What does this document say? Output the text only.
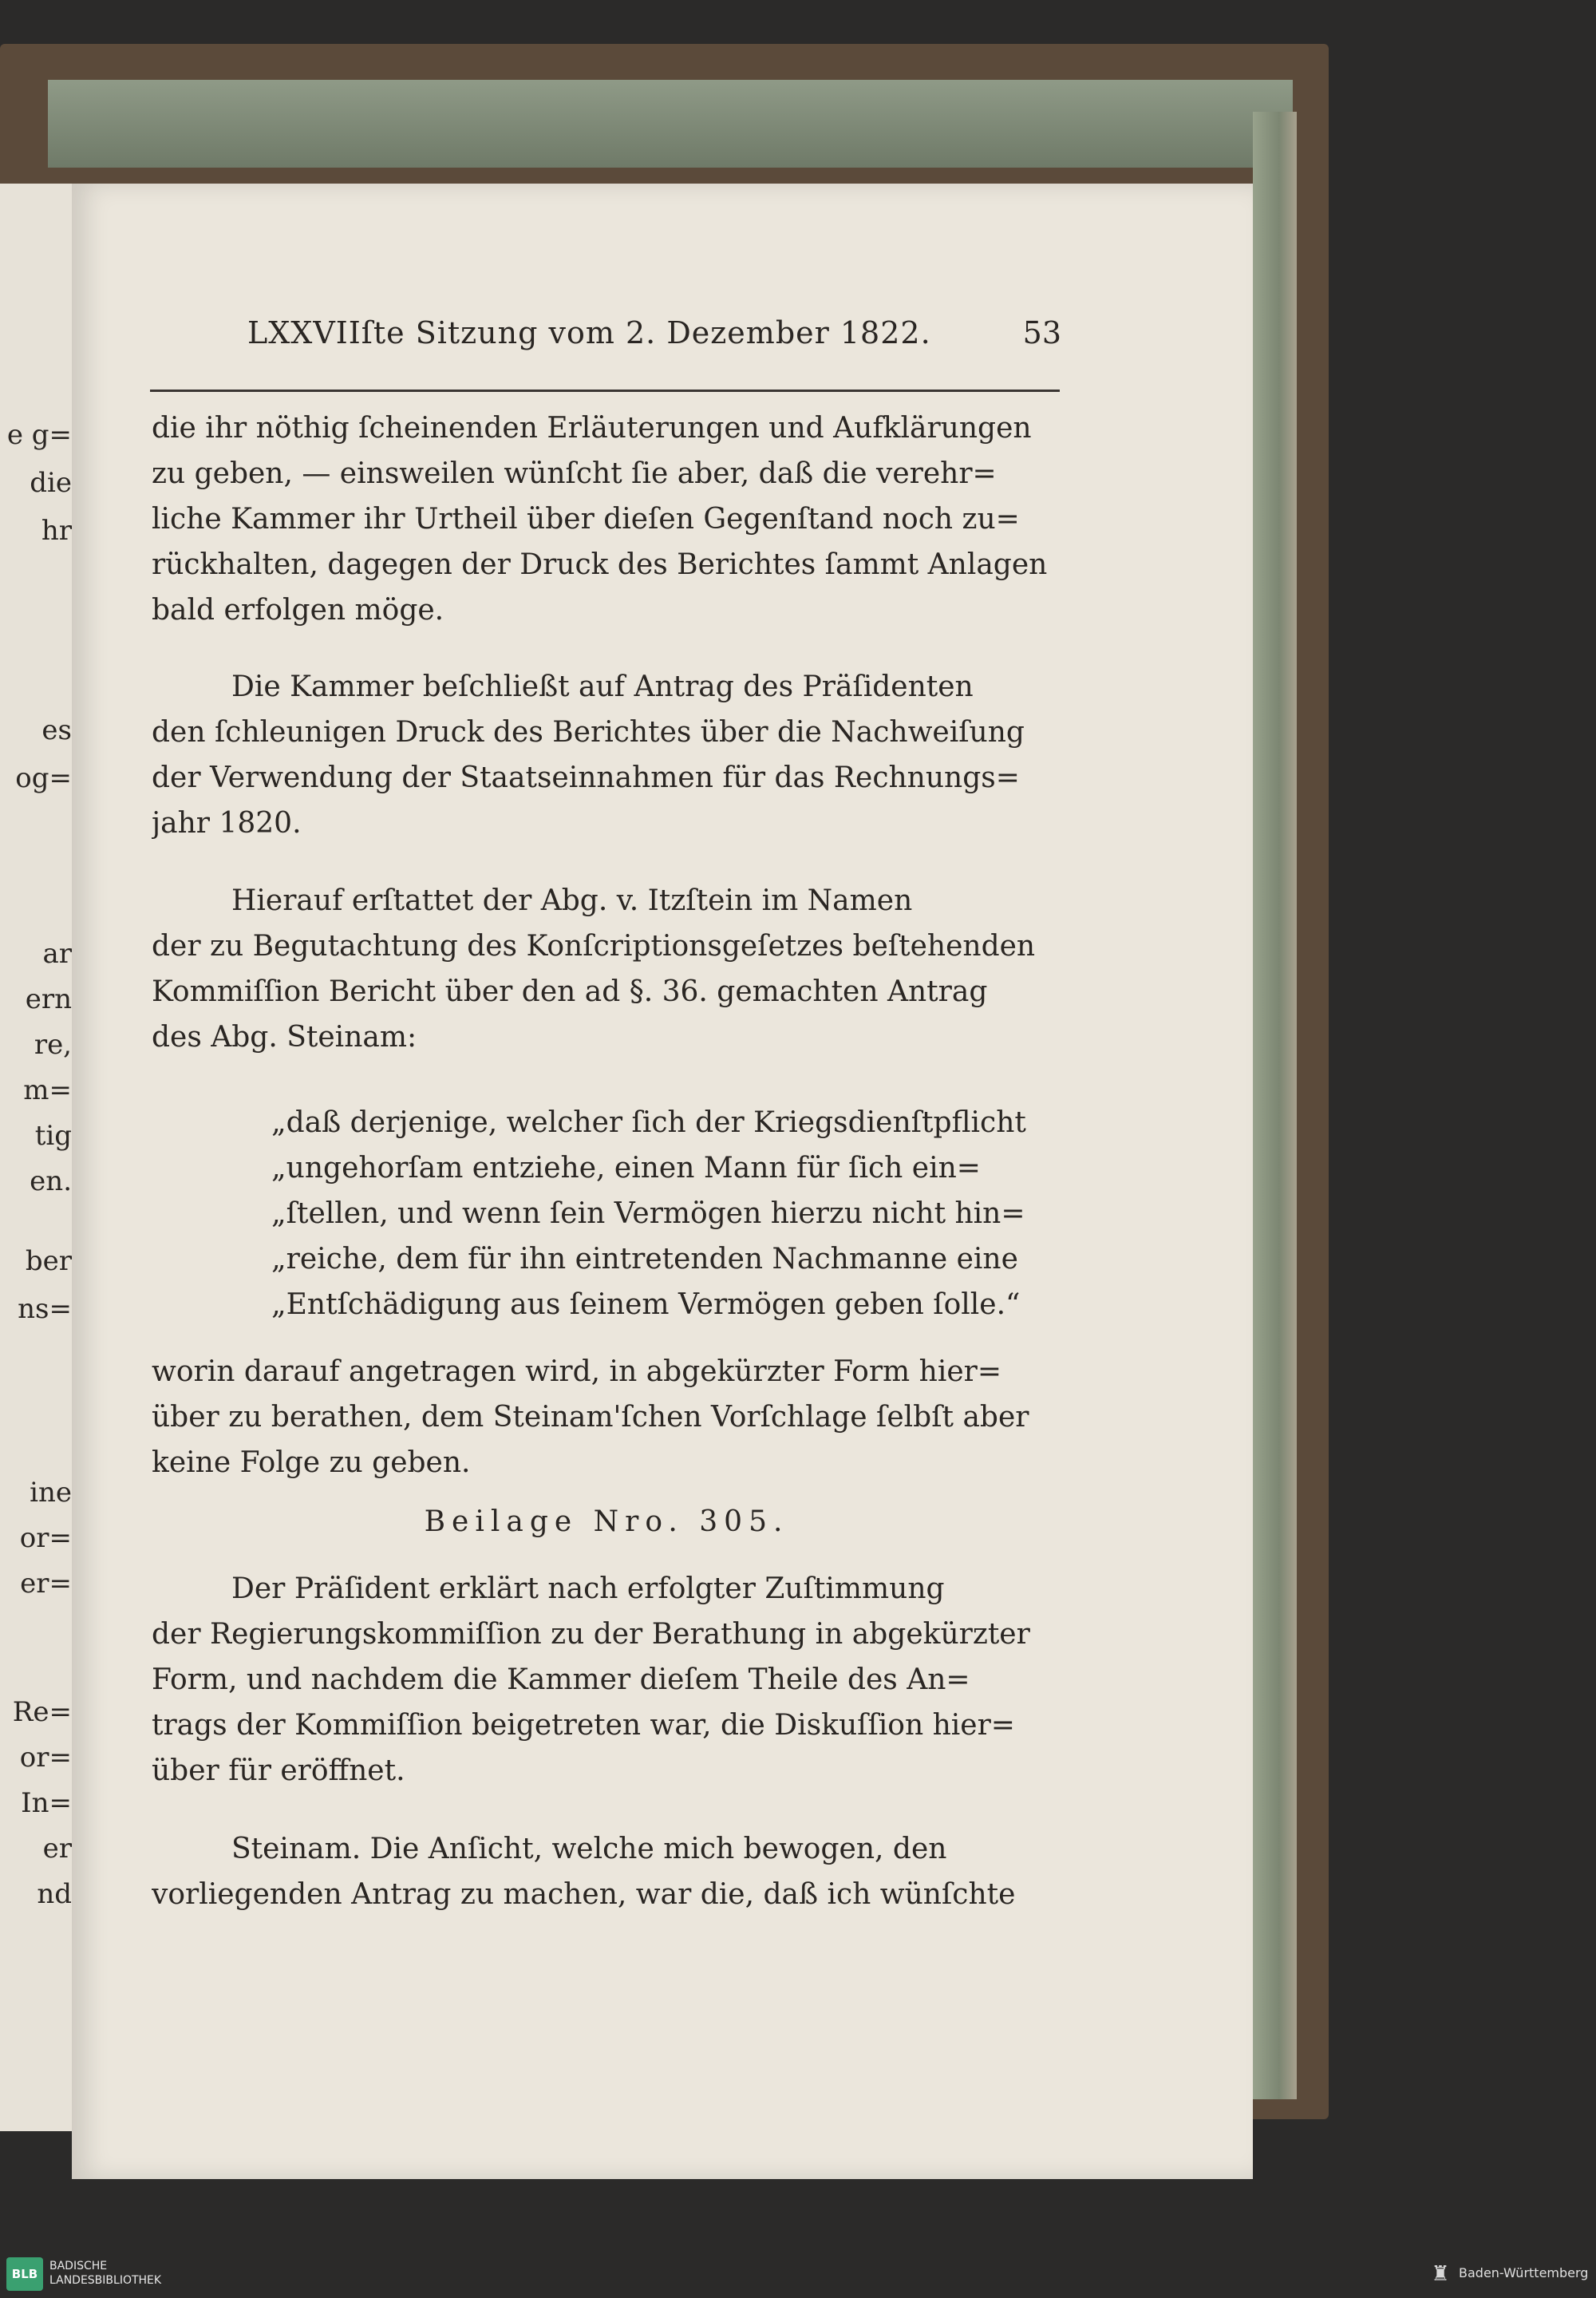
e g=
die
hr
es
og=
ar
ern
re,
m=
tig
en.
ber
ns=
ine
or=
er=
Re=
or=
In=
er
nd
LXXVIIſte Sitzung vom 2. Dezember 1822.	53
die ihr nöthig ſcheinenden Erläuterungen und Aufklärungen
zu geben, — einsweilen wünſcht ſie aber, daß die verehr=
liche Kammer ihr Urtheil über dieſen Gegenſtand noch zu=
rückhalten, dagegen der Druck des Berichtes ſammt Anlagen
bald erfolgen möge.
Die Kammer beſchließt auf Antrag des Präſidenten
den ſchleunigen Druck des Berichtes über die Nachweiſung
der Verwendung der Staatseinnahmen für das Rechnungs=
jahr 1820.
Hierauf erſtattet der Abg. v. Itzſtein im Namen
der zu Begutachtung des Konſcriptionsgeſetzes beſtehenden
Kommiſſion Bericht über den ad §. 36. gemachten Antrag
des Abg. Steinam:
„daß derjenige, welcher ſich der Kriegsdienſtpflicht
„ungehorſam entziehe, einen Mann für ſich ein=
„ſtellen, und wenn ſein Vermögen hierzu nicht hin=
„reiche, dem für ihn eintretenden Nachmanne eine
„Entſchädigung aus ſeinem Vermögen geben ſolle.“
worin darauf angetragen wird, in abgekürzter Form hier=
über zu berathen, dem Steinam'ſchen Vorſchlage ſelbſt aber
keine Folge zu geben.
Beilage Nro. 305.
Der Präſident erklärt nach erfolgter Zuſtimmung
der Regierungskommiſſion zu der Berathung in abgekürzter
Form, und nachdem die Kammer dieſem Theile des An=
trags der Kommiſſion beigetreten war, die Diskuſſion hier=
über für eröffnet.
Steinam. Die Anſicht, welche mich bewogen, den
vorliegenden Antrag zu machen, war die, daß ich wünſchte
BLB
BADISCHE
LANDESBIBLIOTHEK	♜ Baden-Württemberg
